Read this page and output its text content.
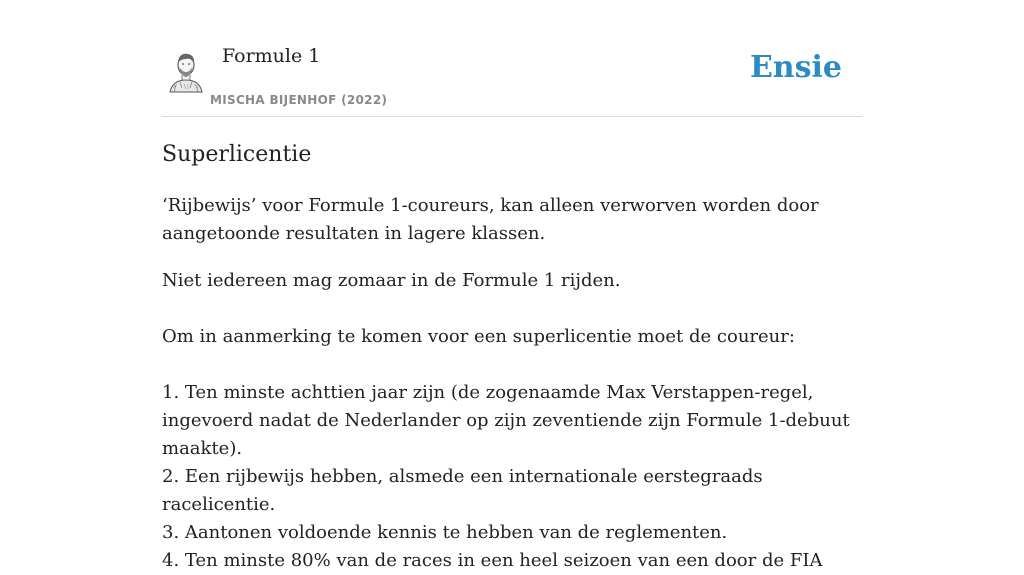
Formule 1
MISCHA BIJENHOF (2022)
Ensie
Superlicentie

‘Rijbewijs’ voor Formule 1-coureurs, kan alleen verworven worden door aangetoonde resultaten in lagere klassen.

Niet iedereen mag zomaar in de Formule 1 rijden.

Om in aanmerking te komen voor een superlicentie moet de coureur:

1. Ten minste achttien jaar zijn (de zogenaamde Max Verstappen-regel, ingevoerd nadat de Nederlander op zijn zeventiende zijn Formule 1-debuut maakte).

2. Een rijbewijs hebben, alsmede een internationale eerstegraads racelicentie.

3. Aantonen voldoende kennis te hebben van de reglementen.

4. Ten minste 80% van de races in een heel seizoen van een door de FIA
